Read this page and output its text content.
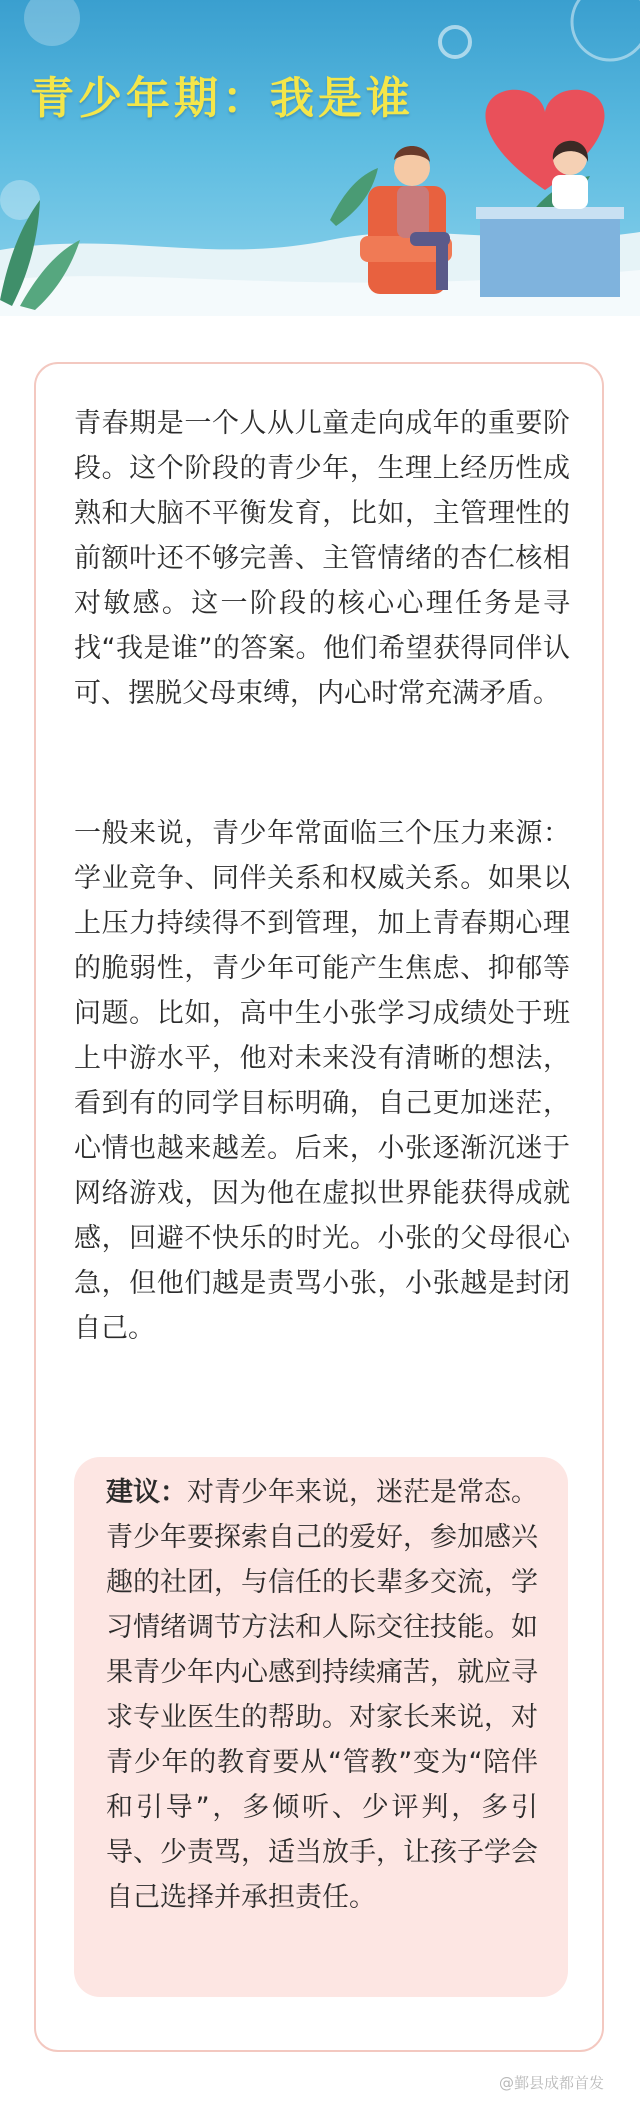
青少年期：我是谁

青春期是一个人从儿童走向成年的重要阶段。这个阶段的青少年，生理上经历性成熟和大脑不平衡发育，比如，主管理性的前额叶还不够完善、主管情绪的杏仁核相对敏感。这一阶段的核心心理任务是寻找“我是谁”的答案。他们希望获得同伴认可、摆脱父母束缚，内心时常充满矛盾。

一般来说，青少年常面临三个压力来源：学业竞争、同伴关系和权威关系。如果以上压力持续得不到管理，加上青春期心理的脆弱性，青少年可能产生焦虑、抑郁等问题。比如，高中生小张学习成绩处于班上中游水平，他对未来没有清晰的想法，看到有的同学目标明确，自己更加迷茫，心情也越来越差。后来，小张逐渐沉迷于网络游戏，因为他在虚拟世界能获得成就感，回避不快乐的时光。小张的父母很心急，但他们越是责骂小张，小张越是封闭自己。

建议：对青少年来说，迷茫是常态。青少年要探索自己的爱好，参加感兴趣的社团，与信任的长辈多交流，学习情绪调节方法和人际交往技能。如果青少年内心感到持续痛苦，就应寻求专业医生的帮助。对家长来说，对青少年的教育要从“管教”变为“陪伴和引导”，多倾听、少评判，多引导、少责骂，适当放手，让孩子学会自己选择并承担责任。

@鄞县成都首发
